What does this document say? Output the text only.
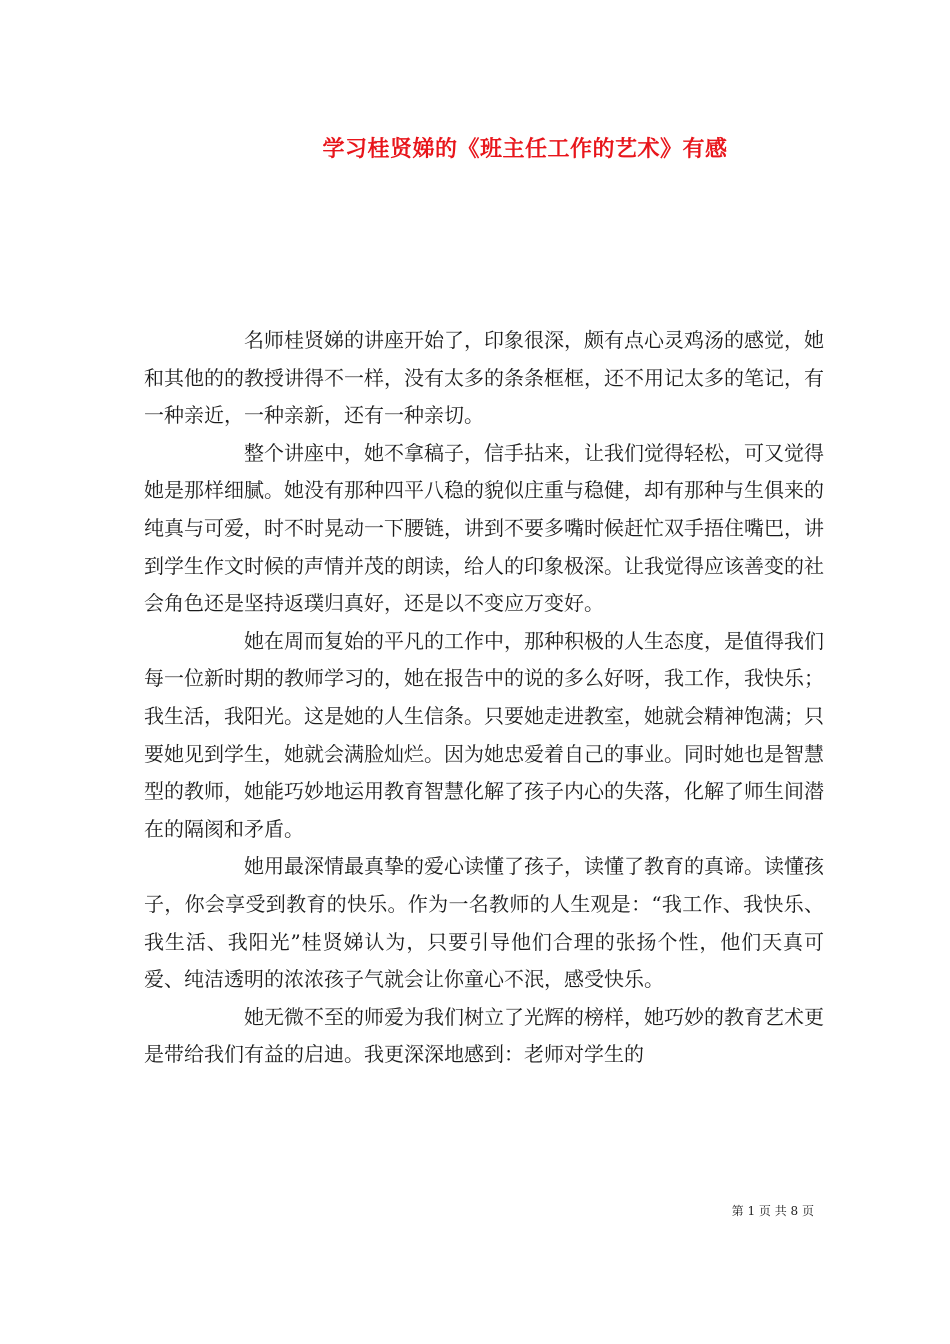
学习桂贤娣的《班主任工作的艺术》有感

名师桂贤娣的讲座开始了，印象很深，颇有点心灵鸡汤的感觉，她和其他的的教授讲得不一样，没有太多的条条框框，还不用记太多的笔记，有一种亲近，一种亲新，还有一种亲切。

整个讲座中，她不拿稿子，信手拈来，让我们觉得轻松，可又觉得她是那样细腻。她没有那种四平八稳的貌似庄重与稳健，却有那种与生俱来的纯真与可爱，时不时晃动一下腰链，讲到不要多嘴时候赶忙双手捂住嘴巴，讲到学生作文时候的声情并茂的朗读，给人的印象极深。让我觉得应该善变的社会角色还是坚持返璞归真好，还是以不变应万变好。

她在周而复始的平凡的工作中，那种积极的人生态度，是值得我们每一位新时期的教师学习的，她在报告中的说的多么好呀，我工作，我快乐；我生活，我阳光。这是她的人生信条。只要她走进教室，她就会精神饱满；只要她见到学生，她就会满脸灿烂。因为她忠爱着自己的事业。同时她也是智慧型的教师，她能巧妙地运用教育智慧化解了孩子内心的失落，化解了师生间潜在的隔阂和矛盾。

她用最深情最真挚的爱心读懂了孩子，读懂了教育的真谛。读懂孩子，你会享受到教育的快乐。作为一名教师的人生观是：“我工作、我快乐、我生活、我阳光”桂贤娣认为，只要引导他们合理的张扬个性，他们天真可爱、纯洁透明的浓浓孩子气就会让你童心不泯，感受快乐。

她无微不至的师爱为我们树立了光辉的榜样，她巧妙的教育艺术更是带给我们有益的启迪。我更深深地感到：老师对学生的

第 1 页 共 8 页
